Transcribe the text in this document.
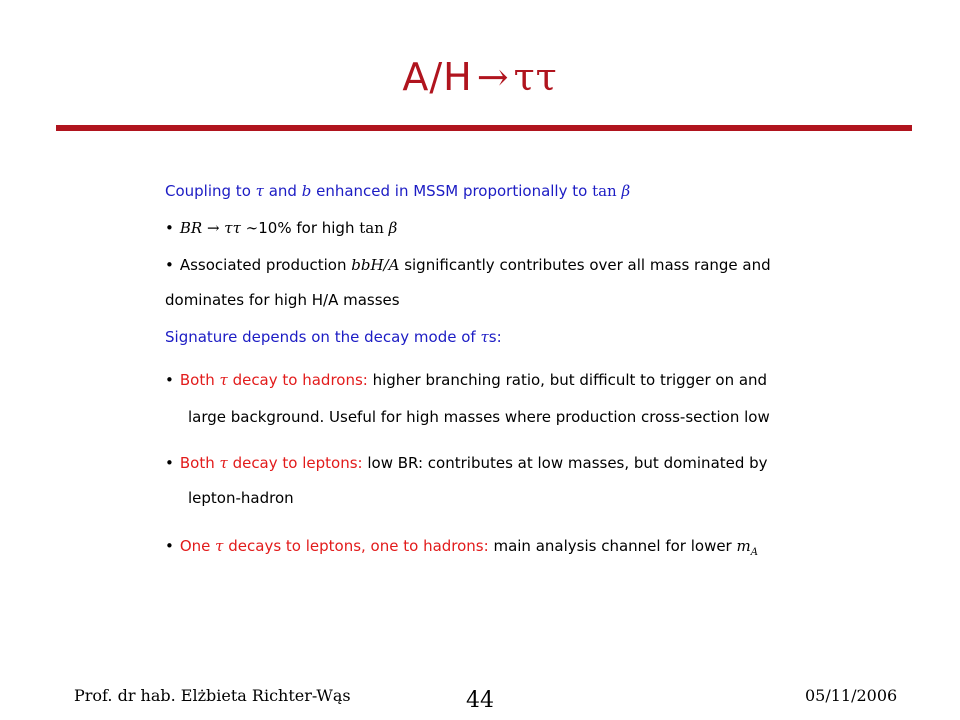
A/H → ττ
Coupling to τ and b enhanced in MSSM proportionally to tan β
• BR → ττ ∼10% for high tan β
• Associated production bbH/A significantly contributes over all mass range and
dominates for high H/A masses
Signature depends on the decay mode of τs:
• Both τ decay to hadrons: higher branching ratio, but difficult to trigger on and
large background. Useful for high masses where production cross-section low
• Both τ decay to leptons: low BR: contributes at low masses, but dominated by
lepton-hadron
• One τ decays to leptons, one to hadrons: main analysis channel for lower $m_A$
Prof. dr hab. Elżbieta Richter-Wąs	44	05/11/2006
